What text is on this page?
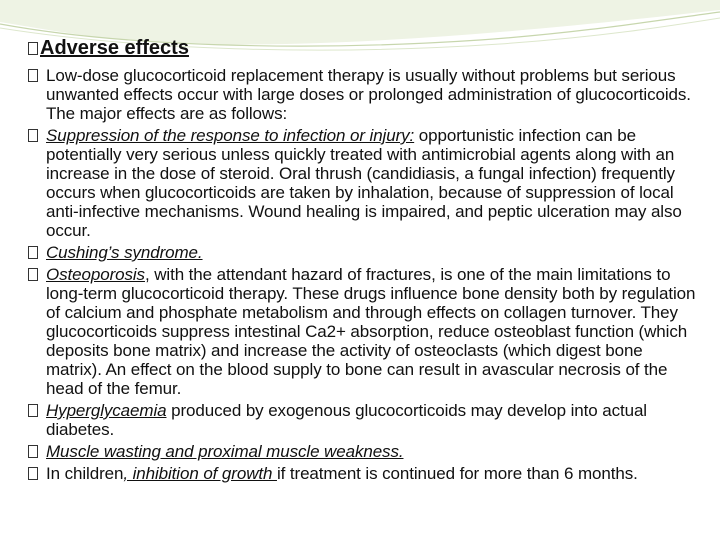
Adverse effects

Low-dose glucocorticoid replacement therapy is usually without problems but serious unwanted effects occur with large doses or prolonged administration of glucocorticoids. The major effects are as follows:

Suppression of the response to infection or injury: opportunistic infection can be potentially very serious unless quickly treated with antimicrobial agents along with an increase in the dose of steroid. Oral thrush (candidiasis, a fungal infection) frequently occurs when glucocorticoids are taken by inhalation, because of suppression of local anti-infective mechanisms. Wound healing is impaired, and peptic ulceration may also occur.

Cushing’s syndrome.

Osteoporosis, with the attendant hazard of fractures, is one of the main limitations to long-term glucocorticoid therapy. These drugs influence bone density both by regulation of calcium and phosphate metabolism and through effects on collagen turnover. They glucocorticoids suppress intestinal Ca2+ absorption, reduce osteoblast function (which deposits bone matrix) and increase the activity of osteoclasts (which digest bone matrix). An effect on the blood supply to bone can result in avascular necrosis of the head of the femur.

Hyperglycaemia produced by exogenous glucocorticoids may develop into actual diabetes.

Muscle wasting and proximal muscle weakness.

In children, inhibition of growth if treatment is continued for more than 6 months.
